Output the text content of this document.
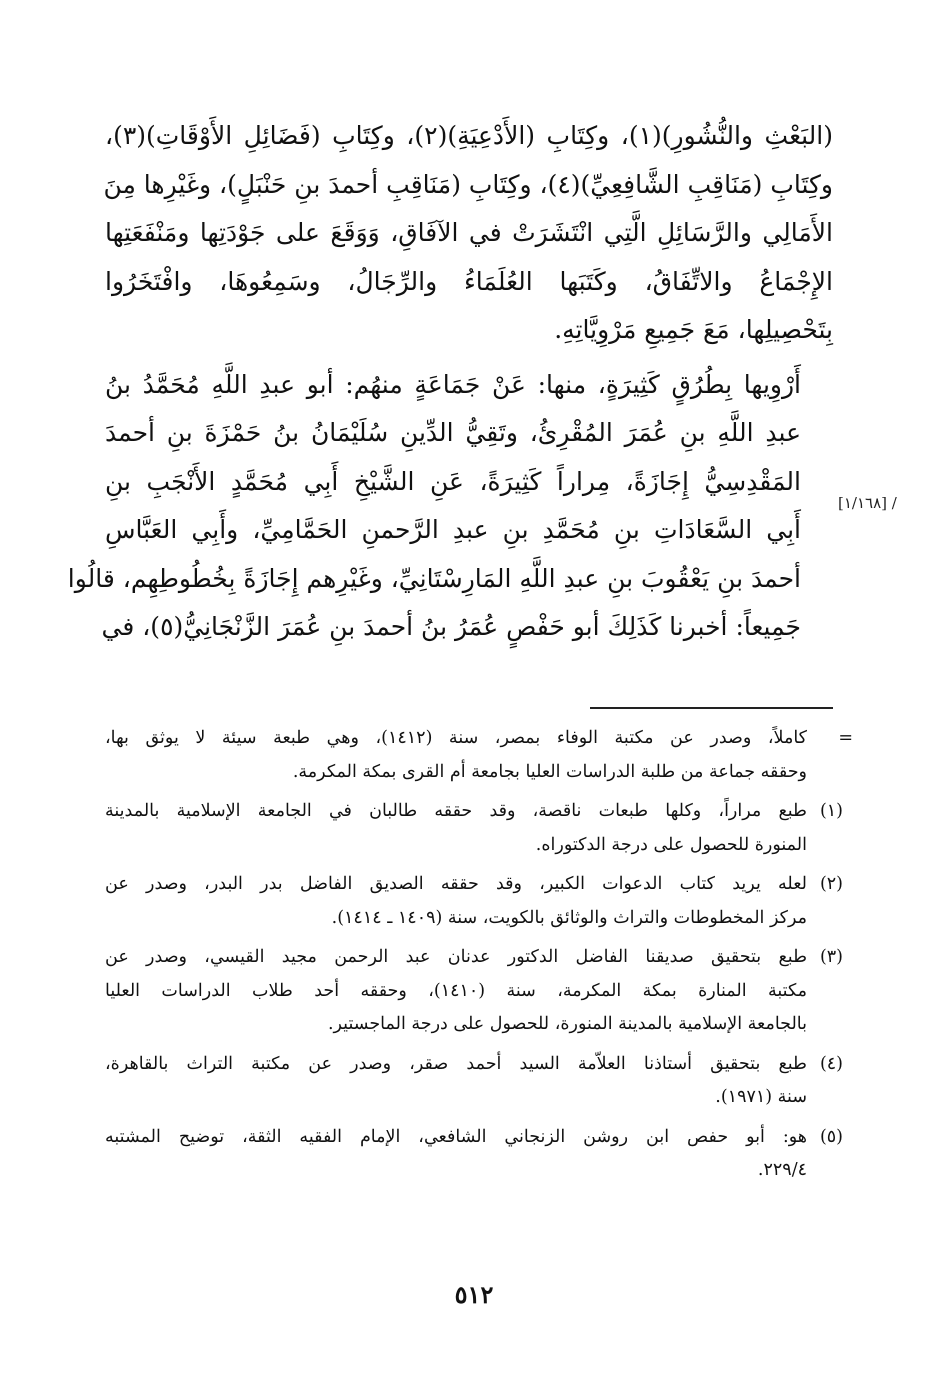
(البَعْثِ والنُّشُورِ)(١)، وكِتَابِ (الأَدْعِيَةِ)(٢)، وكِتَابِ (فَضَائِلِ الأَوْقَاتِ)(٣)،
وكِتَابِ (مَنَاقِبِ الشَّافِعِيِّ)(٤)، وكِتَابِ (مَنَاقِبِ أحمدَ بنِ حَنْبَلٍ)، وغَيْرِها مِنَ
الأَمَالِي والرَّسَائِلِ الَّتِي انْتَشَرَتْ في الآفَاقِ، وَوَقَعَ على جَوْدَتِها ومَنْفَعَتِها
الإِجْمَاعُ والاتِّفَاقُ، وكَتَبَها العُلَمَاءُ والرِّجَالُ، وسَمِعُوهَا، وافْتَخَرُوا
بِتَحْصِيلِها، مَعَ جَمِيعِ مَرْوِيَّاتِهِ.

أَرْوِيها بِطُرُقٍ كَثِيرَةٍ، منها: عَنْ جَمَاعَةٍ منهُم: أبو عبدِ اللَّهِ مُحَمَّدُ بنُ
عبدِ اللَّهِ بنِ عُمَرَ المُقْرِئُ، وتَقِيُّ الدِّينِ سُلَيْمَانُ بنُ حَمْزَةَ بنِ أحمدَ
المَقْدِسِيُّ إِجَازَةً، مِراراً كَثِيرَةً، عَنِ الشَّيْخِ أَبِي مُحَمَّدٍ الأَنْجَبِ بنِ
أَبِي السَّعَادَاتِ بنِ مُحَمَّدِ بنِ عبدِ الرَّحمنِ الحَمَّامِيِّ، وأَبِي العَبَّاسِ
أحمدَ بنِ يَعْقُوبَ بنِ عبدِ اللَّهِ المَارِسْتَانِيِّ، وغَيْرِهم إِجَازَةً بِخُطُوطِهِم، قالُوا
جَمِيعاً: أخبرنا كَذَلِكَ أبو حَفْصٍ عُمَرُ بنُ أحمدَ بنِ عُمَرَ الزَّنْجَانِيُّ(٥)، في

[١/١٦٨] /
=
كاملاً، وصدر عن مكتبة الوفاء بمصر، سنة (١٤١٢)، وهي طبعة سيئة لا يوثق بها،
وحققه جماعة من طلبة الدراسات العليا بجامعة أم القرى بمكة المكرمة.
(١)
طبع مراراً، وكلها طبعات ناقصة، وقد حققه طالبان في الجامعة الإسلامية بالمدينة
المنورة للحصول على درجة الدكتوراه.
(٢)
لعله يريد كتاب الدعوات الكبير، وقد حققه الصديق الفاضل بدر البدر، وصدر عن
مركز المخطوطات والتراث والوثائق بالكويت، سنة (١٤٠٩ ـ ١٤١٤).
(٣)
طبع بتحقيق صديقنا الفاضل الدكتور عدنان عبد الرحمن مجيد القيسي، وصدر عن
مكتبة المنارة بمكة المكرمة، سنة (١٤١٠)، وحققه أحد طلاب الدراسات العليا
بالجامعة الإسلامية بالمدينة المنورة، للحصول على درجة الماجستير.
(٤)
طبع بتحقيق أستاذنا العلاّمة السيد أحمد صقر، وصدر عن مكتبة التراث بالقاهرة،
سنة (١٩٧١).
(٥)
هو: أبو حفص ابن روشن الزنجاني الشافعي، الإمام الفقيه الثقة، توضيح المشتبه
٢٢٩/٤.
٥١٢
